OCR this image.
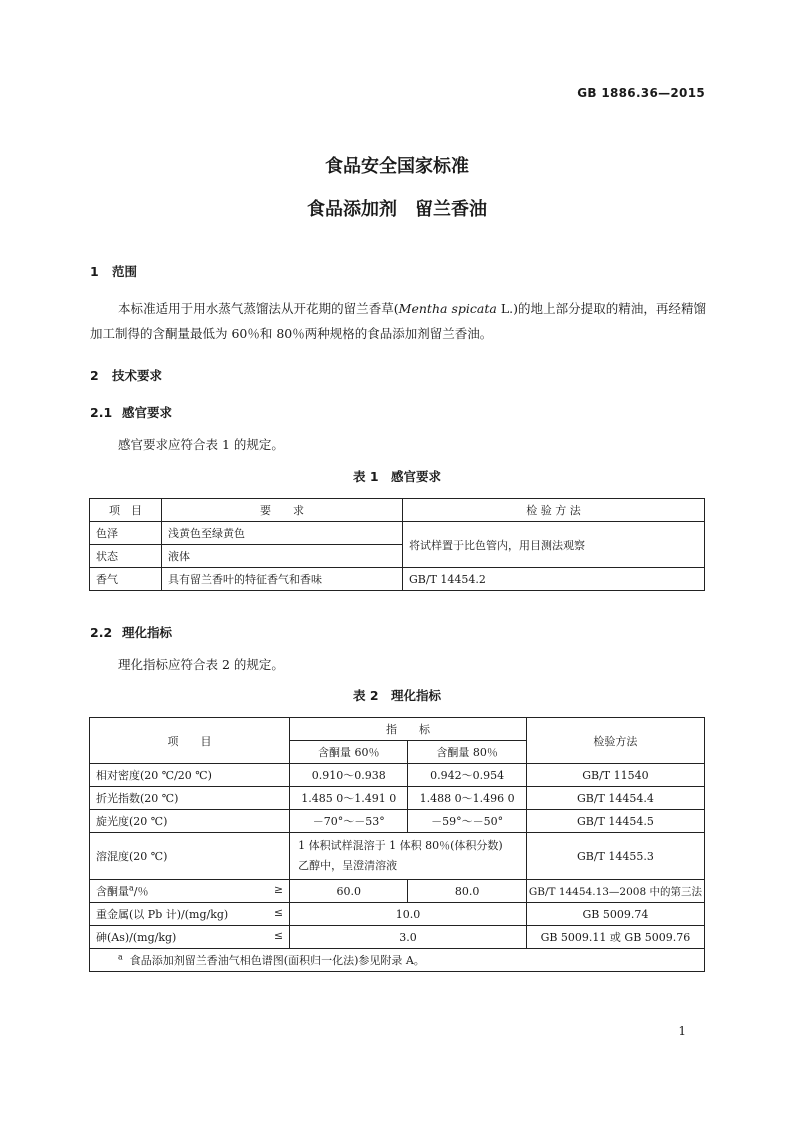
GB 1886.36—2015
食品安全国家标准
食品添加剂　留兰香油
1 范围
本标准适用于用水蒸气蒸馏法从开花期的留兰香草(Mentha spicata L.)的地上部分提取的精油，再经精馏加工制得的含酮量最低为 60％和 80％两种规格的食品添加剂留兰香油。
2 技术要求
2.1 感官要求
感官要求应符合表 1 的规定。
表 1　感官要求
项　目	要　　求	检 验 方 法
色泽	浅黄色至绿黄色	将试样置于比色管内，用目测法观察
状态	液体	
香气	具有留兰香叶的特征香气和香味	GB/T 14454.2
2.2 理化指标
理化指标应符合表 2 的规定。
表 2　理化指标
项　　目	指　　标		检验方法
	含酮量 60％	含酮量 80％	
相对密度(20 ℃/20 ℃)	0.910～0.938	0.942～0.954	GB/T 11540
折光指数(20 ℃)	1.485 0～1.491 0	1.488 0～1.496 0	GB/T 14454.4
旋光度(20 ℃)	－70°～－53°	－59°～－50°	GB/T 14454.5
溶混度(20 ℃)	1 体积试样混溶于 1 体积 80％(体积分数)
乙醇中，呈澄清溶液		GB/T 14455.3

含酮量$^a$/％ ≥	60.0	80.0	GB/T 14454.13—2008 中的第三法

重金属(以 Pb 计)/(mg/kg) ≤	10.0		GB 5009.74

砷(As)/(mg/kg) ≤	3.0		GB 5009.11 或 GB 5009.76
$^a$ 食品添加剂留兰香油气相色谱图(面积归一化法)参见附录 A。			
1
